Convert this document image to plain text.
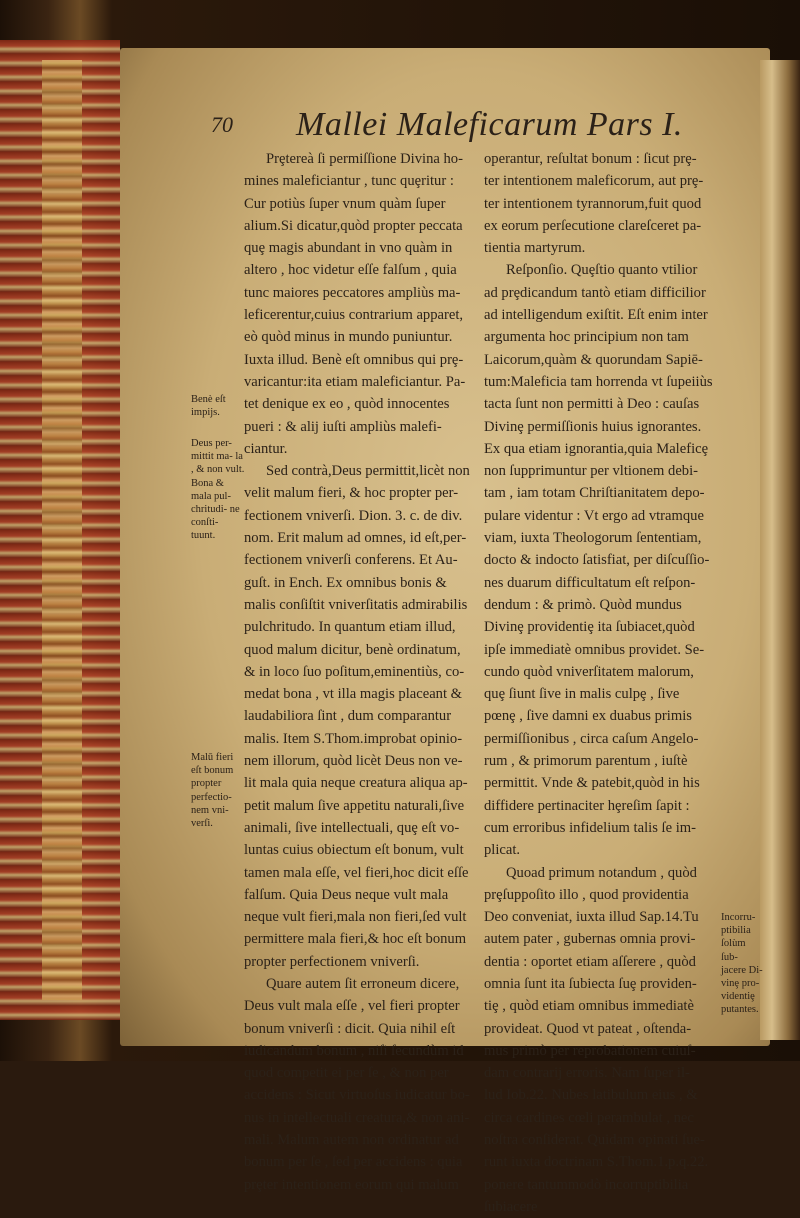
70 Mallei Maleficarum Pars I.
Prȩtereà ſi permiſſione Divina ho-
mines maleficiantur , tunc quȩritur :
Cur potiùs ſuper vnum quàm ſuper
alium.Si dicatur,quòd propter peccata
quȩ magis abundant in vno quàm in
altero , hoc videtur eſſe falſum , quia
tunc maiores peccatores ampliùs ma-
leficerentur,cuius contrarium apparet,
eò quòd minus in mundo puniuntur.
Iuxta illud. Benè eſt omnibus qui prȩ-
varicantur:ita etiam maleficiantur. Pa-
tet denique ex eo , quòd innocentes
pueri : & alij iuſti ampliùs malefi-
ciantur.
Sed contrà,Deus permittit,licèt non
velit malum fieri, & hoc propter per-
fectionem vniverſi. Dion. 3. c. de div.
nom. Erit malum ad omnes, id eſt,per-
fectionem vniverſi conferens. Et Au-
guſt. in Ench. Ex omnibus bonis &
malis conſiſtit vniverſitatis admirabilis
pulchritudo. In quantum etiam illud,
quod malum dicitur, benè ordinatum,
& in loco ſuo poſitum,eminentiùs, co-
medat bona , vt illa magis placeant &
laudabiliora ſint , dum comparantur
malis. Item S.Thom.improbat opinio-
nem illorum, quòd licèt Deus non ve-
lit mala quia neque creatura aliqua ap-
petit malum ſive appetitu naturali,ſive
animali, ſive intellectuali, quȩ eſt vo-
luntas cuius obiectum eſt bonum, vult
tamen mala eſſe, vel fieri,hoc dicit eſſe
falſum. Quia Deus neque vult mala
neque vult fieri,mala non fieri,ſed vult
permittere mala fieri,& hoc eſt bonum
propter perfectionem vniverſi.
Quare autem ſit erroneum dicere,
Deus vult mala eſſe , vel fieri propter
bonum vniverſi : dicit. Quia nihil eſt
iudicandum bonum , niſi ſecundùm id
quod competit ei per ſe , & non per
accidens : Sicut virtuoſus iudicatur bo-
nus in intellectuali creatura,& non ani-
mali. Malum autem non ordinatur ad
bonum per ſe , ſed per accidens : quia
prȩter intentionem eorum qui malum
operantur, reſultat bonum : ſicut prȩ-
ter intentionem maleficorum, aut prȩ-
ter intentionem tyrannorum,fuit quod
ex eorum perſecutione clareſceret pa-
tientia martyrum.
Reſponſio. Quȩſtio quanto vtilior
ad prȩdicandum tantò etiam difficilior
ad intelligendum exiſtit. Eſt enim inter
argumenta hoc principium non tam
Laicorum,quàm & quorundam Sapiē-
tum:Maleficia tam horrenda vt ſupeiiùs
tacta ſunt non permitti à Deo : cauſas
Divinȩ permiſſionis huius ignorantes.
Ex qua etiam ignorantia,quia Maleficȩ
non ſupprimuntur per vltionem debi-
tam , iam totam Chriſtianitatem depo-
pulare videntur : Vt ergo ad vtramque
viam, iuxta Theologorum ſententiam,
docto & indocto ſatisfiat, per diſcuſſio-
nes duarum difficultatum eſt reſpon-
dendum : & primò. Quòd mundus
Divinȩ providentiȩ ita ſubiacet,quòd
ipſe immediatè omnibus providet. Se-
cundo quòd vniverſitatem malorum,
quȩ ſiunt ſive in malis culpȩ , ſive
pœnȩ , ſive damni ex duabus primis
permiſſionibus , circa caſum Angelo-
rum , & primorum parentum , iuſtè
permittit. Vnde & patebit,quòd in his
diffidere pertinaciter hȩreſim ſapit :
cum erroribus infidelium talis ſe im-
plicat.
Quoad primum notandum , quòd
prȩſuppoſito illo , quod providentia
Deo conveniat, iuxta illud Sap.14.Tu
autem pater , gubernas omnia provi-
dentia : oportet etiam aſſerere , quòd
omnia ſunt ita ſubiecta ſuȩ providen-
tiȩ , quòd etiam omnibus immediatè
provideat. Quod vt pateat , oſtenda-
mus primò per reprobationem cuiuſ-
dam contrarij erroris. Nam ſuper il-
lud Iob.22. Nubes latibulum eius , &
circa cardines cœli perambulat , nec
noſtra conſiderat. Quidam opinati ſue-
runt iuxta doctrinam S.Thom.1.p.q.22.
ponere tantummodò incorruptibilia
ſubiacere
Benè eſt impijs.
Deus per- mittit ma- la , & non vult. Bona & mala pul- chritudi- ne conſti- tuunt.
Malū fieri eſt bonum propter perfectio- nem vni- verſi.
Incorru- ptibilia ſolùm ſub- jacere Di- vinȩ pro- videntiȩ putantes.
